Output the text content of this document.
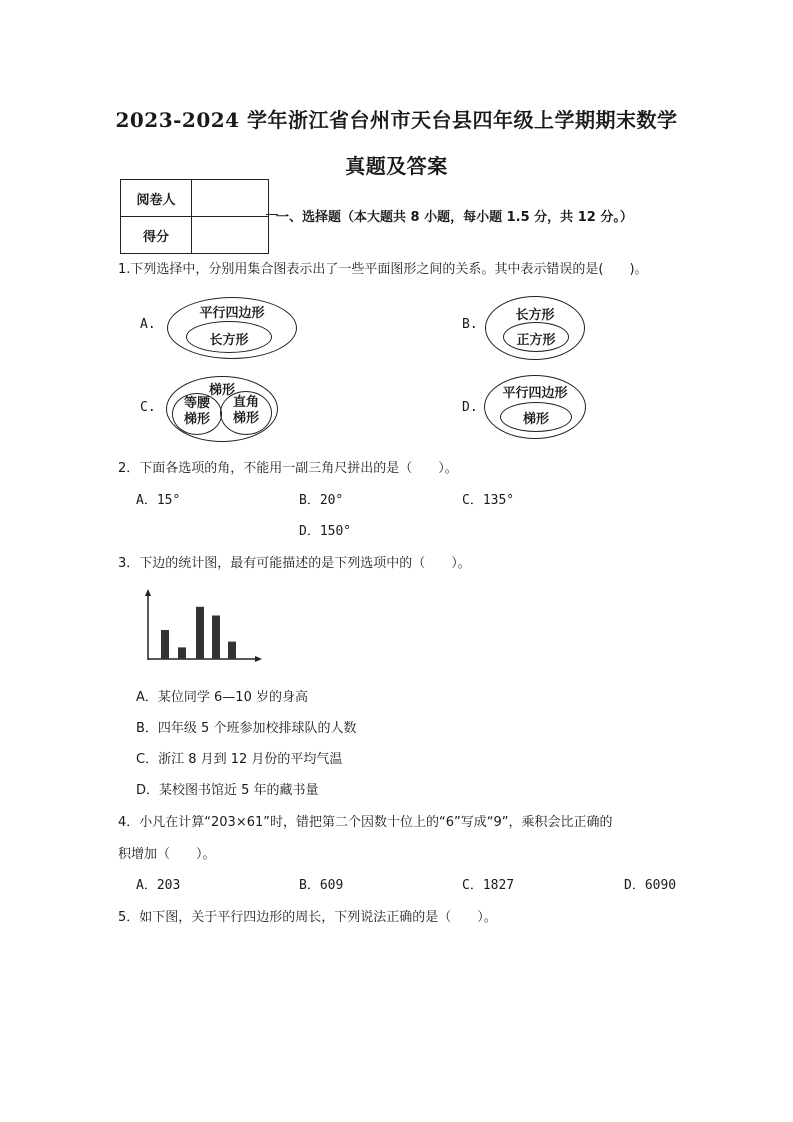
2023-2024 学年浙江省台州市天台县四年级上学期期末数学
真题及答案
阅卷人	
得分	
一、选择题（本大题共 8 小题，每小题 1.5 分，共 12 分。）
1.下列选择中，分别用集合图表示出了一些平面图形之间的关系。其中表示错误的是(　　)。
A.
平行四边形
长方形
B.
长方形
正方形
C.
梯形
等腰
梯形
直角
梯形
D.
平行四边形
梯形
2．下面各选项的角，不能用一副三角尺拼出的是（　　）。
A．15°	B．20°	C．135°
D．150°
3．下边的统计图，最有可能描述的是下列选项中的（　　）。
A．某位同学 6—10 岁的身高
B．四年级 5 个班参加校排球队的人数
C．浙江 8 月到 12 月份的平均气温
D．某校图书馆近 5 年的藏书量
4．小凡在计算“203×61”时，错把第二个因数十位上的“6”写成“9”，乘积会比正确的
积增加（　　）。
A．203	B．609	C．1827	D．6090
5．如下图，关于平行四边形的周长，下列说法正确的是（　　）。
